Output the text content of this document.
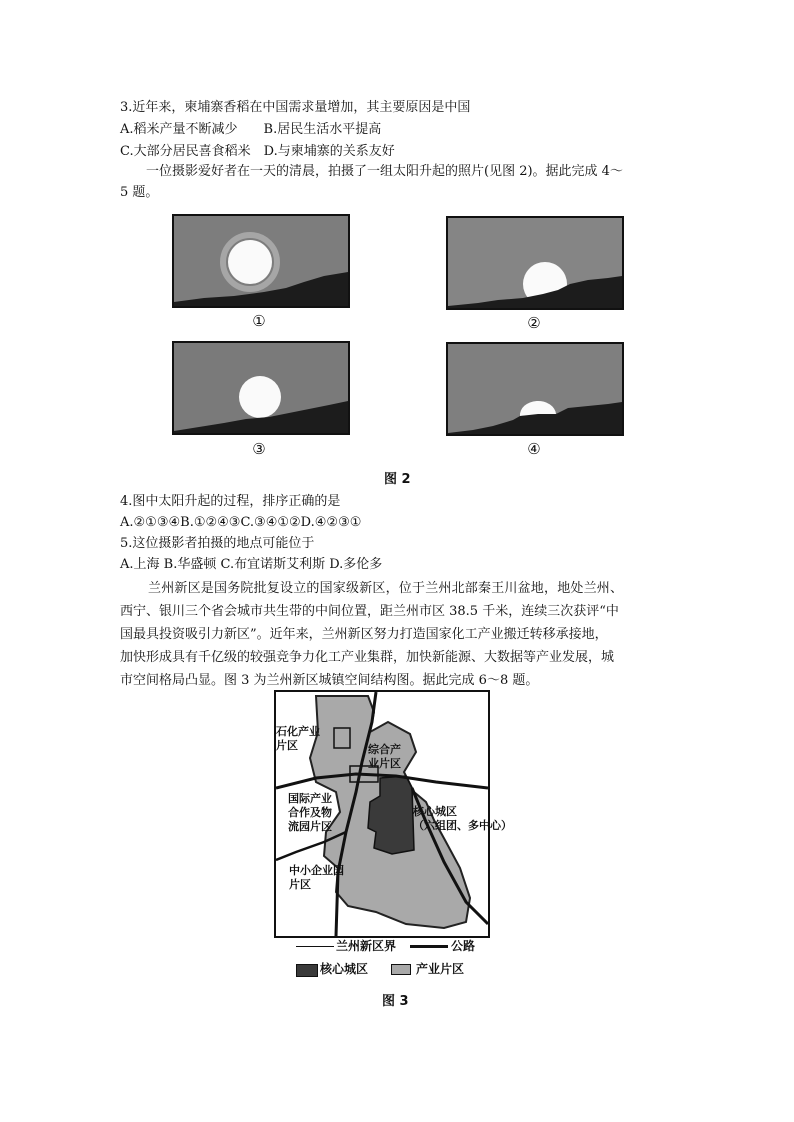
3.近年来，柬埔寨香稻在中国需求量增加，其主要原因是中国
A.稻米产量不断减少　　B.居民生活水平提高
C.大部分居民喜食稻米　D.与柬埔寨的关系友好
一位摄影爱好者在一天的清晨，拍摄了一组太阳升起的照片(见图 2)。据此完成 4～
5 题。
①	②
③	④
图 2
4.图中太阳升起的过程，排序正确的是
A.②①③④B.①②④③C.③④①②D.④②③①
5.这位摄影者拍摄的地点可能位于
A.上海 B.华盛顿 C.布宜诺斯艾利斯 D.多伦多
兰州新区是国务院批复设立的国家级新区，位于兰州北部秦王川盆地，地处兰州、
西宁、银川三个省会城市共生带的中间位置，距兰州市区 38.5 千米，连续三次获评“中
国最具投资吸引力新区”。近年来，兰州新区努力打造国家化工产业搬迁转移承接地，
加快形成具有千亿级的较强竞争力化工产业集群，加快新能源、大数据等产业发展，城
市空间格局凸显。图 3 为兰州新区城镇空间结构图。据此完成 6～8 题。
石化产业
片区	综合产
业片区
国际产业
合作及物
流园片区
核心城区
（六组团、多中心）
中小企业园
片区
兰州新区界	公路
核心城区	产业片区
图 3
